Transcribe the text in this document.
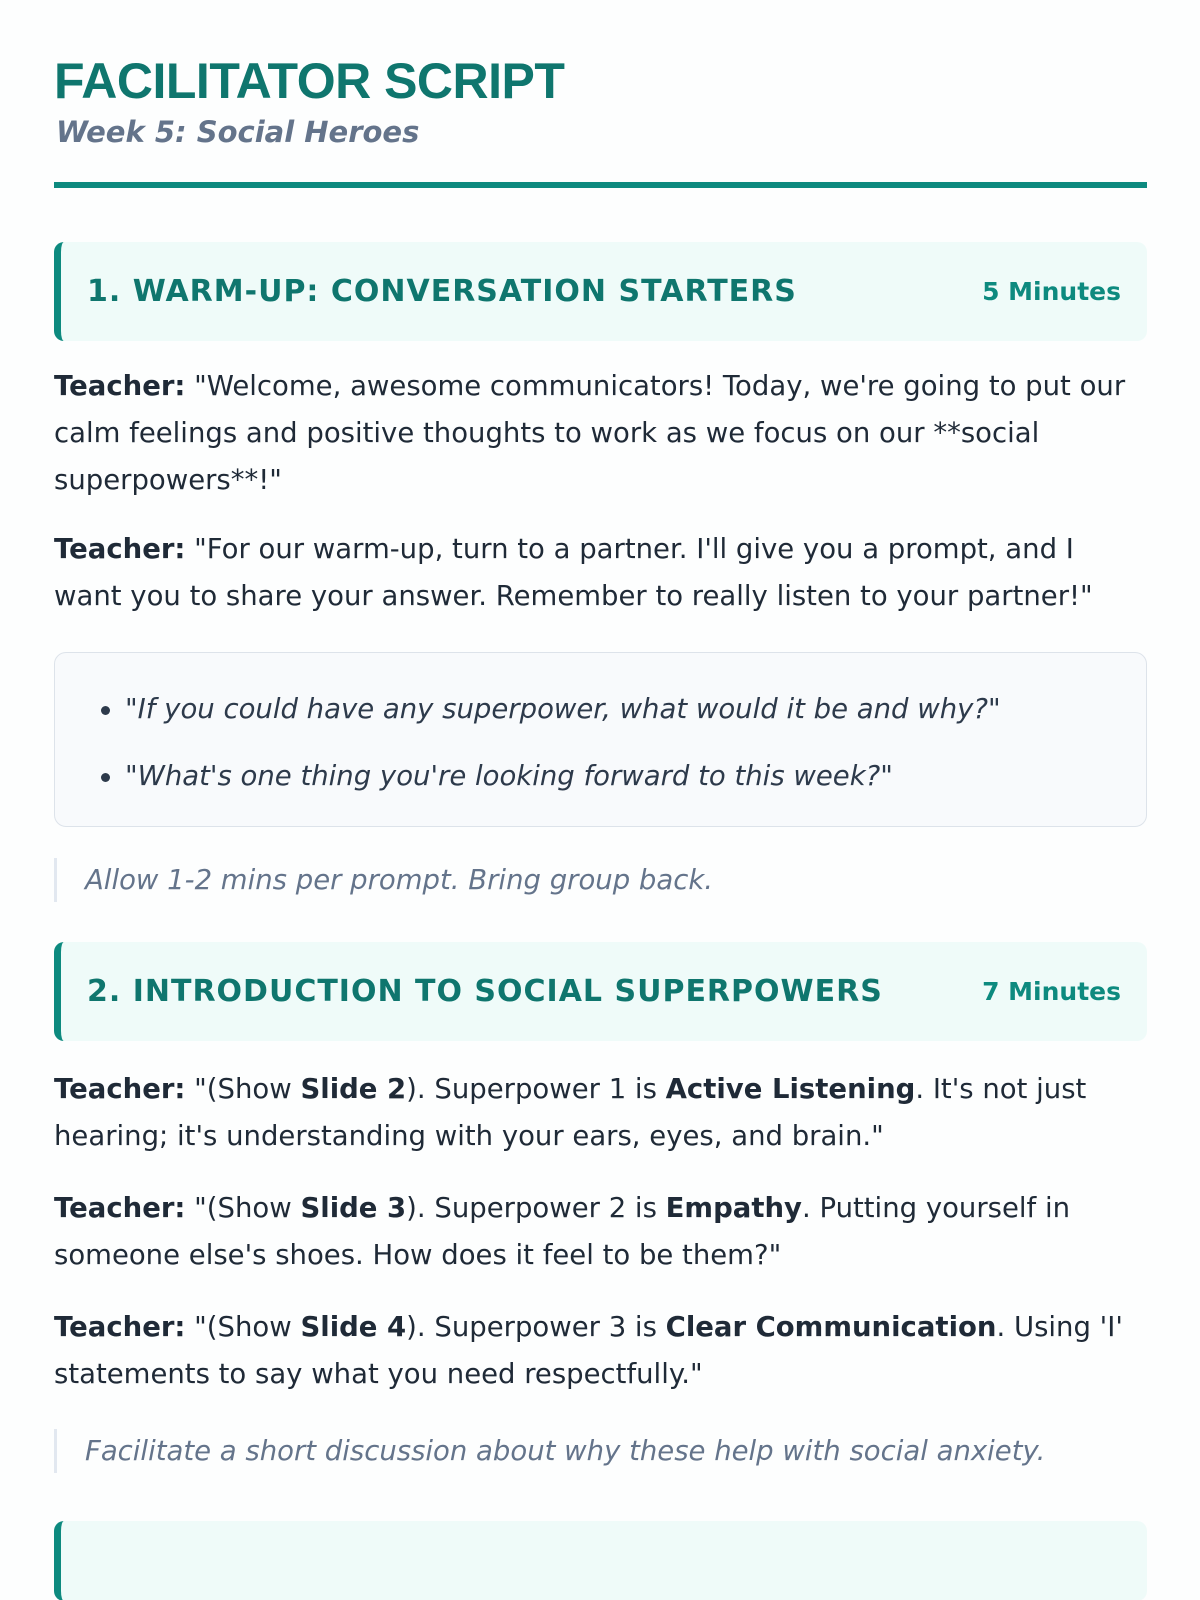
FACILITATOR SCRIPT
Week 5: Social Heroes
1. WARM-UP: CONVERSATION STARTERS	5 Minutes

Teacher: "Welcome, awesome communicators! Today, we're going to put our calm feelings and positive thoughts to work as we focus on our **social superpowers**!"

Teacher: "For our warm-up, turn to a partner. I'll give you a prompt, and I want you to share your answer. Remember to really listen to your partner!"

"If you could have any superpower, what would it be and why?"
"What's one thing you're looking forward to this week?"
Allow 1-2 mins per prompt. Bring group back.
2. INTRODUCTION TO SOCIAL SUPERPOWERS	7 Minutes

Teacher: "(Show Slide 2). Superpower 1 is Active Listening. It's not just hearing; it's understanding with your ears, eyes, and brain."

Teacher: "(Show Slide 3). Superpower 2 is Empathy. Putting yourself in someone else's shoes. How does it feel to be them?"

Teacher: "(Show Slide 4). Superpower 3 is Clear Communication. Using 'I' statements to say what you need respectfully."

Facilitate a short discussion about why these help with social anxiety.
